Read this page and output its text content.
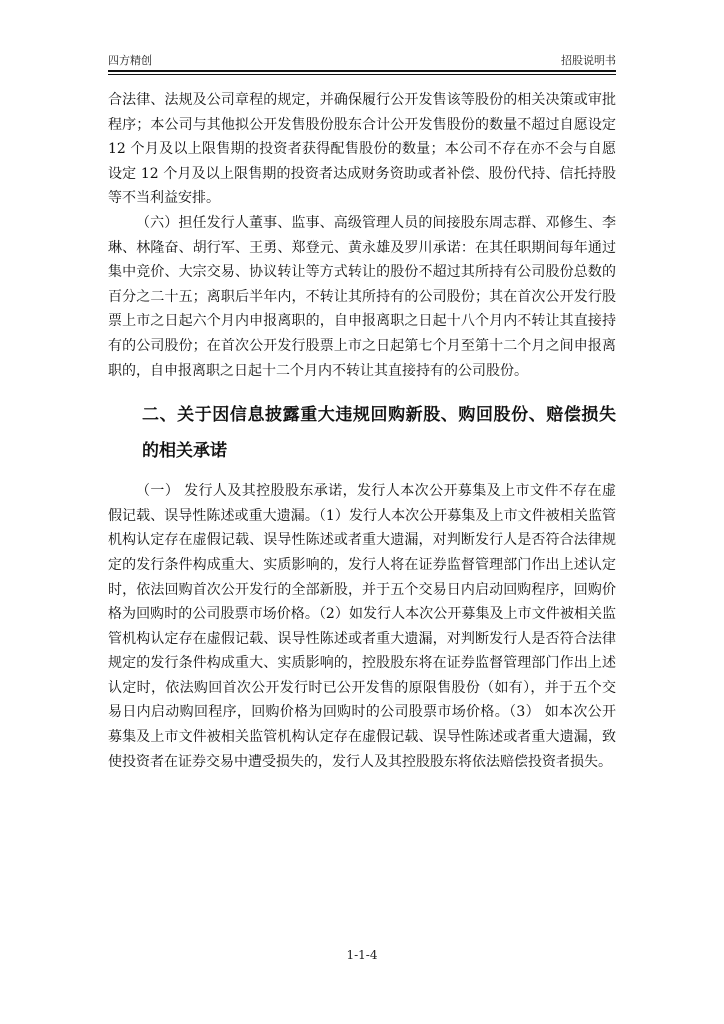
四方精创	招股说明书

合法律、法规及公司章程的规定，并确保履行公开发售该等股份的相关决策或审批程序；本公司与其他拟公开发售股份股东合计公开发售股份的数量不超过自愿设定 12 个月及以上限售期的投资者获得配售股份的数量；本公司不存在亦不会与自愿设定 12 个月及以上限售期的投资者达成财务资助或者补偿、股份代持、信托持股等不当利益安排。

（六）担任发行人董事、监事、高级管理人员的间接股东周志群、邓修生、李琳、林隆奋、胡行军、王勇、郑登元、黄永雄及罗川承诺：在其任职期间每年通过集中竞价、大宗交易、协议转让等方式转让的股份不超过其所持有公司股份总数的百分之二十五；离职后半年内，不转让其所持有的公司股份；其在首次公开发行股票上市之日起六个月内申报离职的，自申报离职之日起十八个月内不转让其直接持有的公司股份；在首次公开发行股票上市之日起第七个月至第十二个月之间申报离职的，自申报离职之日起十二个月内不转让其直接持有的公司股份。

二、关于因信息披露重大违规回购新股、购回股份、赔偿损失的相关承诺

（一） 发行人及其控股股东承诺，发行人本次公开募集及上市文件不存在虚假记载、误导性陈述或重大遗漏。（1）发行人本次公开募集及上市文件被相关监管机构认定存在虚假记载、误导性陈述或者重大遗漏，对判断发行人是否符合法律规定的发行条件构成重大、实质影响的，发行人将在证券监督管理部门作出上述认定时，依法回购首次公开发行的全部新股，并于五个交易日内启动回购程序，回购价格为回购时的公司股票市场价格。（2）如发行人本次公开募集及上市文件被相关监管机构认定存在虚假记载、误导性陈述或者重大遗漏，对判断发行人是否符合法律规定的发行条件构成重大、实质影响的，控股股东将在证券监督管理部门作出上述认定时，依法购回首次公开发行时已公开发售的原限售股份（如有），并于五个交易日内启动购回程序，回购价格为回购时的公司股票市场价格。（3） 如本次公开募集及上市文件被相关监管机构认定存在虚假记载、误导性陈述或者重大遗漏，致使投资者在证券交易中遭受损失的，发行人及其控股股东将依法赔偿投资者损失。

1-1-4
